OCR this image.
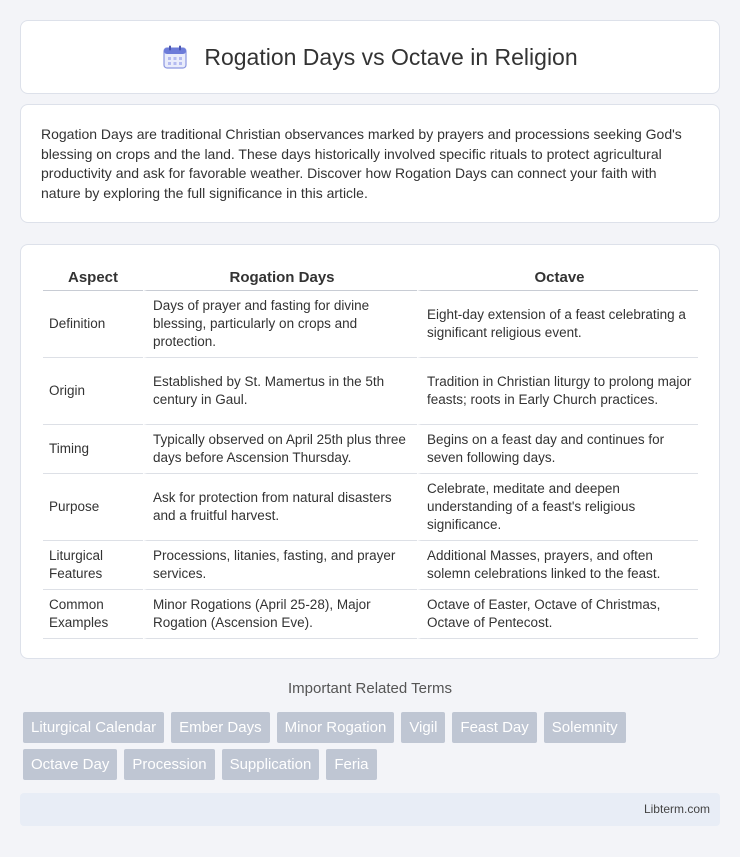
Rogation Days vs Octave in Religion

Rogation Days are traditional Christian observances marked by prayers and processions seeking God's blessing on crops and the land. These days historically involved specific rituals to protect agricultural productivity and ask for favorable weather. Discover how Rogation Days can connect your faith with nature by exploring the full significance in this article.

Aspect	Rogation Days	Octave
Definition	Days of prayer and fasting for divine blessing, particularly on crops and protection.	Eight-day extension of a feast celebrating a significant religious event.
Origin	Established by St. Mamertus in the 5th century in Gaul.	Tradition in Christian liturgy to prolong major feasts; roots in Early Church practices.
Timing	Typically observed on April 25th plus three days before Ascension Thursday.	Begins on a feast day and continues for seven following days.
Purpose	Ask for protection from natural disasters and a fruitful harvest.	Celebrate, meditate and deepen understanding of a feast's religious significance.
Liturgical Features	Processions, litanies, fasting, and prayer services.	Additional Masses, prayers, and often solemn celebrations linked to the feast.
Common Examples	Minor Rogations (April 25-28), Major Rogation (Ascension Eve).	Octave of Easter, Octave of Christmas, Octave of Pentecost.
Important Related Terms
Liturgical Calendar	Ember Days	Minor Rogation	Vigil	Feast Day	Solemnity
Octave Day	Procession	Supplication	Feria
Libterm.com
